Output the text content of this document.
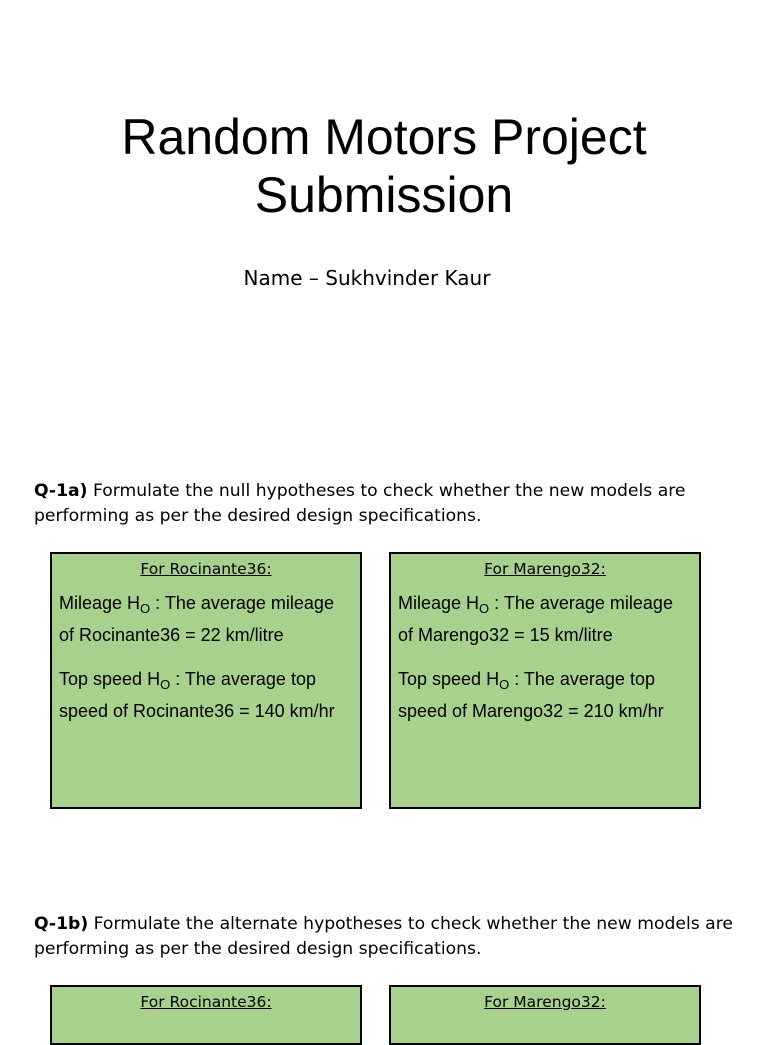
Random Motors Project
Submission
Name – Sukhvinder Kaur
Q-1a) Formulate the null hypotheses to check whether the new models are performing as per the desired design specifications.
For Rocinante36:
Mileage $H_O$ : The average mileage of Rocinante36 = 22 km/litre
Top speed $H_O$ : The average top speed of Rocinante36 = 140 km/hr
For Marengo32:
Mileage $H_O$ : The average mileage of Marengo32 = 15 km/litre
Top speed $H_O$ : The average top speed of Marengo32 = 210 km/hr
Q-1b) Formulate the alternate hypotheses to check whether the new models are performing as per the desired design specifications.
For Rocinante36:	For Marengo32:
